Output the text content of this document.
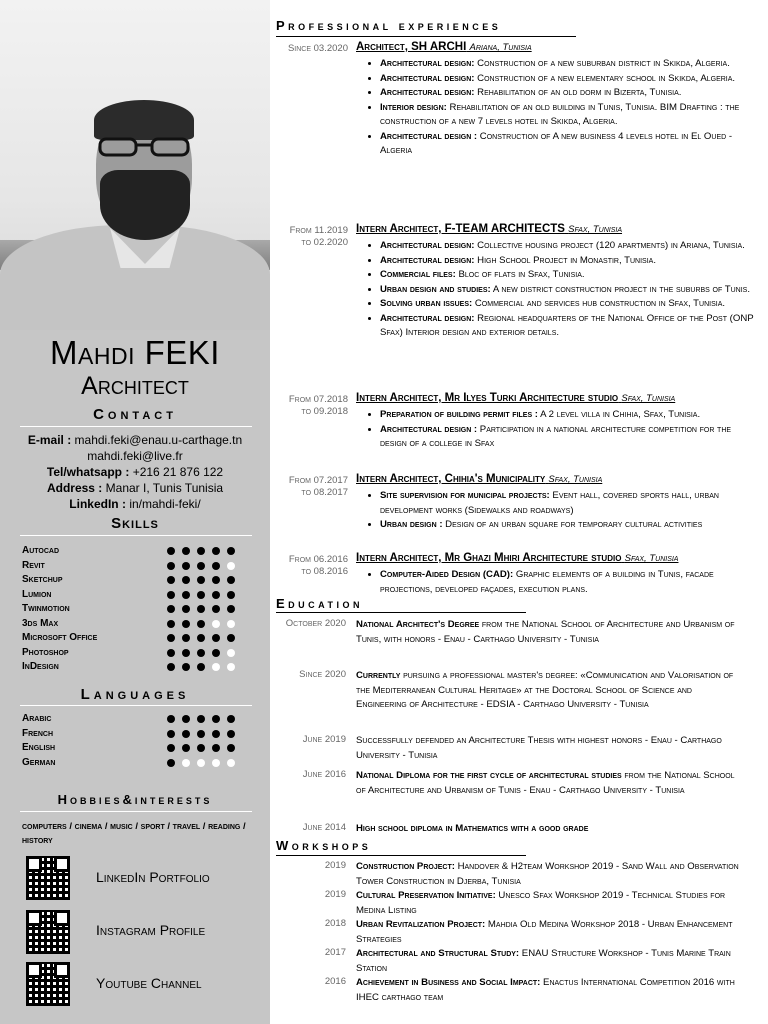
Mahdi FEKI
Architect
Contact
E-mail : mahdi.feki@enau.u-carthage.tn
mahdi.feki@live.fr
Tel/whatsapp : +216 21 876 122
Address : Manar I, Tunis Tunisia
LinkedIn : in/mahdi-feki/
Skills
Autocad
Revit
Sketchup
Lumion
Twinmotion
3ds Max
Microsoft Office
Photoshop
InDesign
Languages
Arabic
French
English
German
Hobbies&interests
computers / cinema / music / sport / travel / reading / history
LinkedIn Portfolio
Instagram Profile
Youtube Channel
Professional experiences
Since 03.2020 Architect, SH ARCHI Ariana, Tunisia
• Architectural design: Construction of a new suburban district in Skikda, Algeria.
• Architectural design: Construction of a new elementary school in Skikda, Algeria.
• Architectural design: Rehabilitation of an old dorm in Bizerta, Tunisia.
• Interior design: Rehabilitation of an old building in Tunis, Tunisia. BIM Drafting : the construction of a new 7 levels hotel in Skikda, Algeria.
• Architectural design : Construction of A new business 4 levels hotel in El Oued - Algeria
From 11.2019
to 02.2020
Intern Architect, F-TEAM ARCHITECTS Sfax, Tunisia
• Architectural design: Collective housing project (120 apartments) in Ariana, Tunisia.
• Architectural design: High School Project in Monastir, Tunisia.
• Commercial files: Bloc of flats in Sfax, Tunisia.
• Urban design and studies: A new district construction project in the suburbs of Tunis.
• Solving urban issues: Commercial and services hub construction in Sfax, Tunisia.
• Architectural design: Regional headquarters of the National Office of the Post (ONP Sfax) Interior design and exterior details.
From 07.2018
to 09.2018
Intern Architect, Mr Ilyes Turki Architecture studio Sfax, Tunisia
• Preparation of building permit files : A 2 level villa in Chihia, Sfax, Tunisia.
• Architectural design : Participation in a national architecture competition for the design of a college in Sfax
From 07.2017
to 08.2017
Intern Architect, Chihia's Municipality Sfax, Tunisia
• Site supervision for municipal projects: Event hall, covered sports hall, urban development works (Sidewalks and roadways)
• Urban design : Design of an urban square for temporary cultural activities
From 06.2016
to 08.2016
Intern Architect, Mr Ghazi Mhiri Architecture studio Sfax, Tunisia
• Computer-Aided Design (CAD): Graphic elements of a building in Tunis, facade projections, developed façades, execution plans.
Education
October 2020 National Architect's Degree from the National School of Architecture and Urbanism of Tunis, with honors - Enau - Carthago University - Tunisia
Since 2020 Currently pursuing a professional master's degree: «Communication and Valorisation of the Mediterranean Cultural Heritage» at the Doctoral School of Science and Engineering of Architecture - EDSIA - Carthago University - Tunisia
June 2019 Successfully defended an Architecture Thesis with highest honors - Enau - Carthago University - Tunisia
June 2016 National Diploma for the first cycle of architectural studies from the National School of Architecture and Urbanism of Tunis - Enau - Carthago University - Tunisia
June 2014 High school diploma in Mathematics with a good grade
Workshops
2019 Construction Project: Handover & H2team Workshop 2019 - Sand Wall and Observation Tower Construction in Djerba, Tunisia
2019 Cultural Preservation Initiative: Unesco Sfax Workshop 2019 - Technical Studies for Medina Listing
2018 Urban Revitalization Project: Mahdia Old Medina Workshop 2018 - Urban Enhancement Strategies
2017 Architectural and Structural Study: ENAU Structure Workshop - Tunis Marine Train Station
2016 Achievement in Business and Social Impact: Enactus International Competition 2016 with IHEC carthago team
